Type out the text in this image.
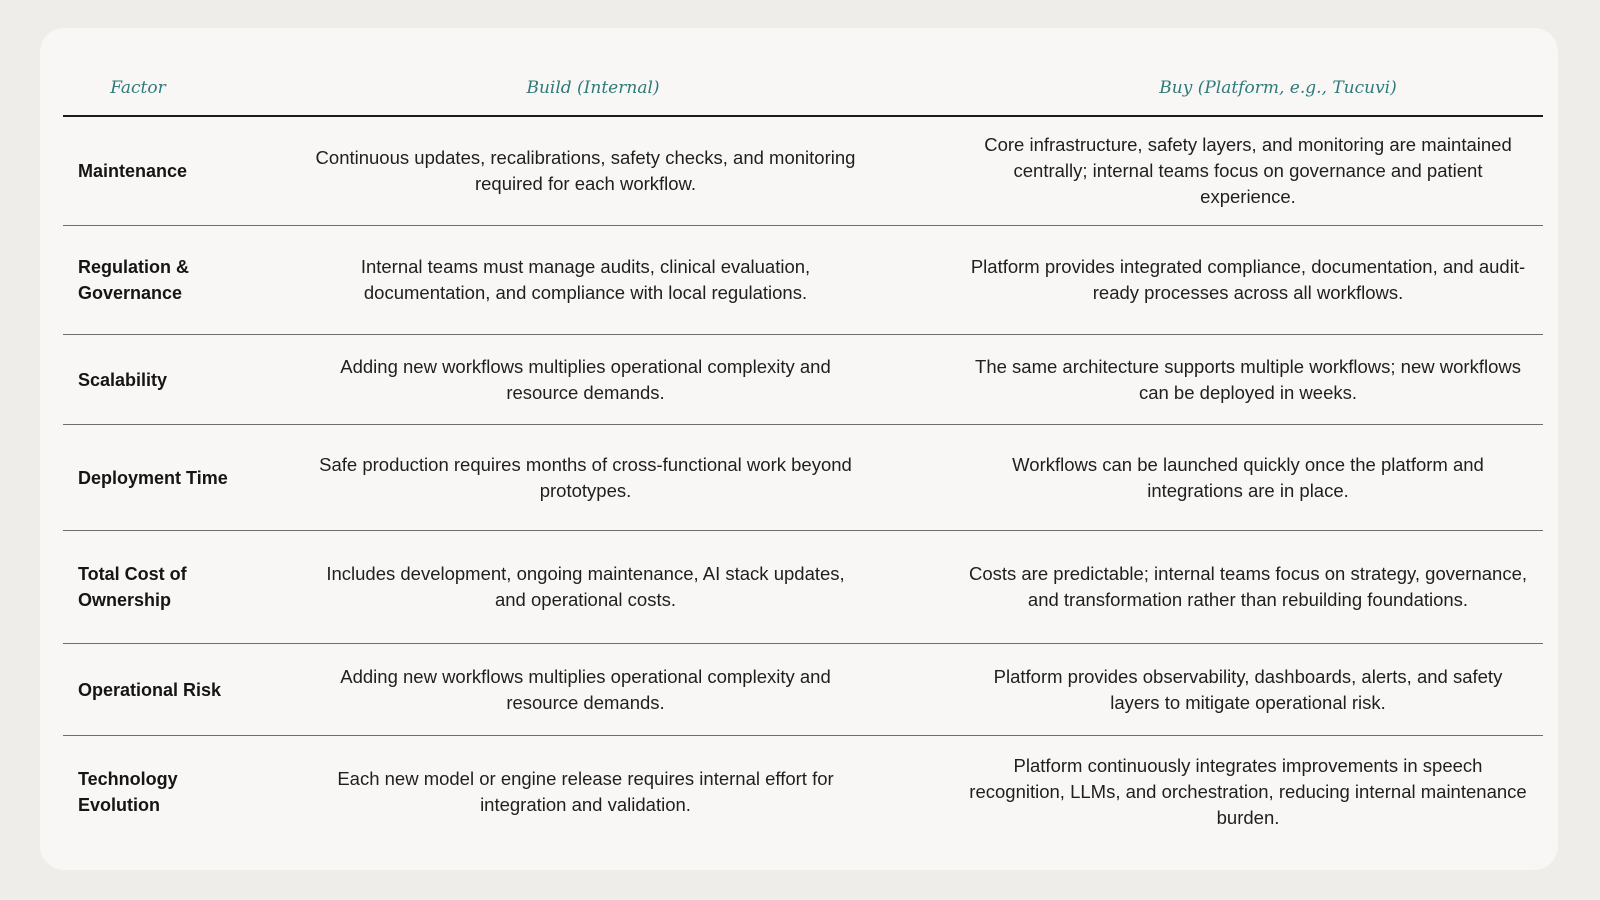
Factor	Build (Internal)	Buy (Platform, e.g., Tucuvi)
Maintenance
Continuous updates, recalibrations, safety checks, and monitoring required for each workflow.
Core infrastructure, safety layers, and monitoring are maintained centrally; internal teams focus on governance and patient experience.
Regulation & Governance
Internal teams must manage audits, clinical evaluation, documentation, and compliance with local regulations.
Platform provides integrated compliance, documentation, and audit-ready processes across all workflows.
Scalability
Adding new workflows multiplies operational complexity and resource demands.
The same architecture supports multiple workflows; new workflows can be deployed in weeks.
Deployment Time
Safe production requires months of cross-functional work beyond prototypes.
Workflows can be launched quickly once the platform and integrations are in place.
Total Cost of Ownership
Includes development, ongoing maintenance, AI stack updates, and operational costs.
Costs are predictable; internal teams focus on strategy, governance, and transformation rather than rebuilding foundations.
Operational Risk
Adding new workflows multiplies operational complexity and resource demands.
Platform provides observability, dashboards, alerts, and safety layers to mitigate operational risk.
Technology Evolution
Each new model or engine release requires internal effort for integration and validation.
Platform continuously integrates improvements in speech recognition, LLMs, and orchestration, reducing internal maintenance burden.
